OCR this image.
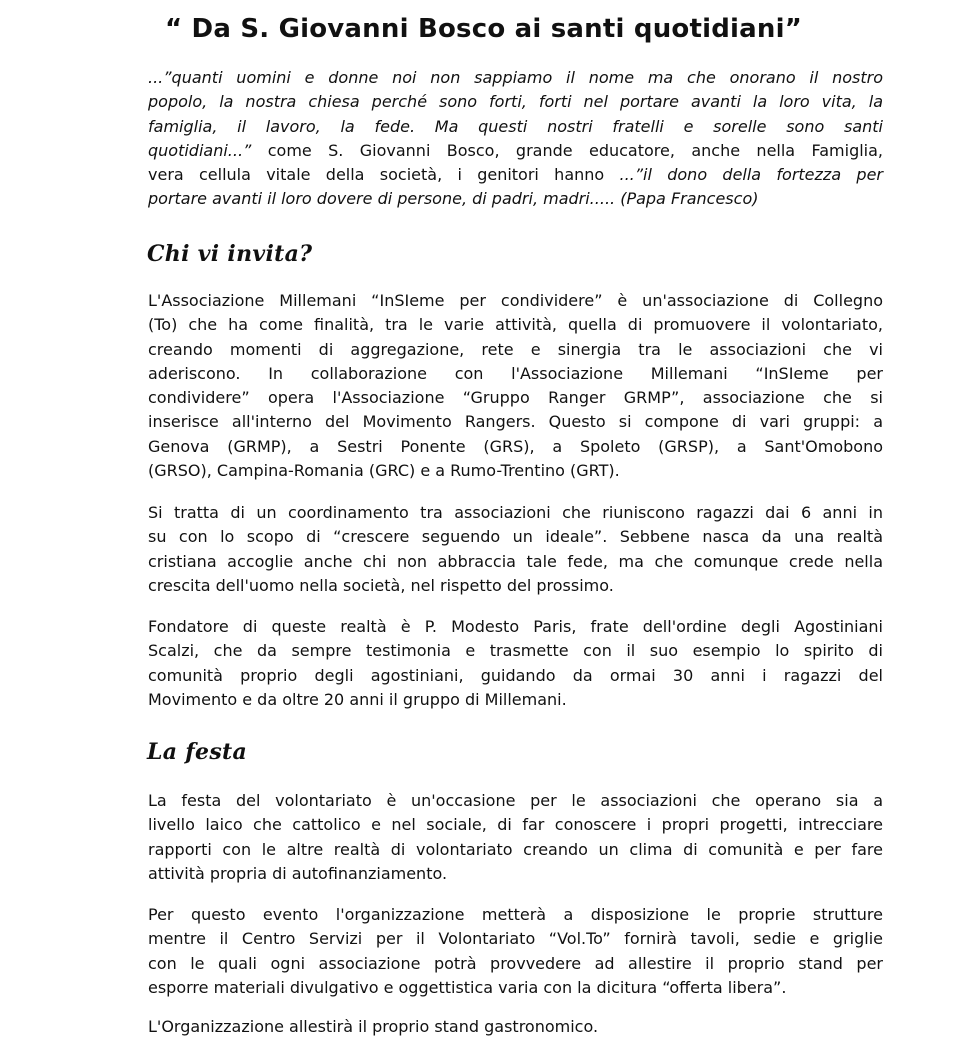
“ Da S. Giovanni Bosco ai santi quotidiani”
...”quanti uomini e donne noi non sappiamo il nome ma che onorano il nostro
popolo, la nostra chiesa perché sono forti, forti nel portare avanti la loro vita, la
famiglia, il lavoro, la fede. Ma questi nostri fratelli e sorelle sono santi
quotidiani...” come S. Giovanni Bosco, grande educatore, anche nella Famiglia,
vera cellula vitale della società, i genitori hanno ...”il dono della fortezza per
portare avanti il loro dovere di persone, di padri, madri..... (Papa Francesco)
Chi vi invita?
L'Associazione Millemani “InSIeme per condividere” è un'associazione di Collegno
(To) che ha come finalità, tra le varie attività, quella di promuovere il volontariato,
creando momenti di aggregazione, rete e sinergia tra le associazioni che vi
aderiscono. In collaborazione con l'Associazione Millemani “InSIeme per
condividere” opera l'Associazione “Gruppo Ranger GRMP”, associazione che si
inserisce all'interno del Movimento Rangers. Questo si compone di vari gruppi: a
Genova (GRMP), a Sestri Ponente (GRS), a Spoleto (GRSP), a Sant'Omobono
(GRSO), Campina-Romania (GRC) e a Rumo-Trentino (GRT).
Si tratta di un coordinamento tra associazioni che riuniscono ragazzi dai 6 anni in
su con lo scopo di “crescere seguendo un ideale”. Sebbene nasca da una realtà
cristiana accoglie anche chi non abbraccia tale fede, ma che comunque crede nella
crescita dell'uomo nella società, nel rispetto del prossimo.
Fondatore di queste realtà è P. Modesto Paris, frate dell'ordine degli Agostiniani
Scalzi, che da sempre testimonia e trasmette con il suo esempio lo spirito di
comunità proprio degli agostiniani, guidando da ormai 30 anni i ragazzi del
Movimento e da oltre 20 anni il gruppo di Millemani.
La festa
La festa del volontariato è un'occasione per le associazioni che operano sia a
livello laico che cattolico e nel sociale, di far conoscere i propri progetti, intrecciare
rapporti con le altre realtà di volontariato creando un clima di comunità e per fare
attività propria di autofinanziamento.
Per questo evento l'organizzazione metterà a disposizione le proprie strutture
mentre il Centro Servizi per il Volontariato “Vol.To” fornirà tavoli, sedie e griglie
con le quali ogni associazione potrà provvedere ad allestire il proprio stand per
esporre materiali divulgativo e oggettistica varia con la dicitura “offerta libera”.
L'Organizzazione allestirà il proprio stand gastronomico.
